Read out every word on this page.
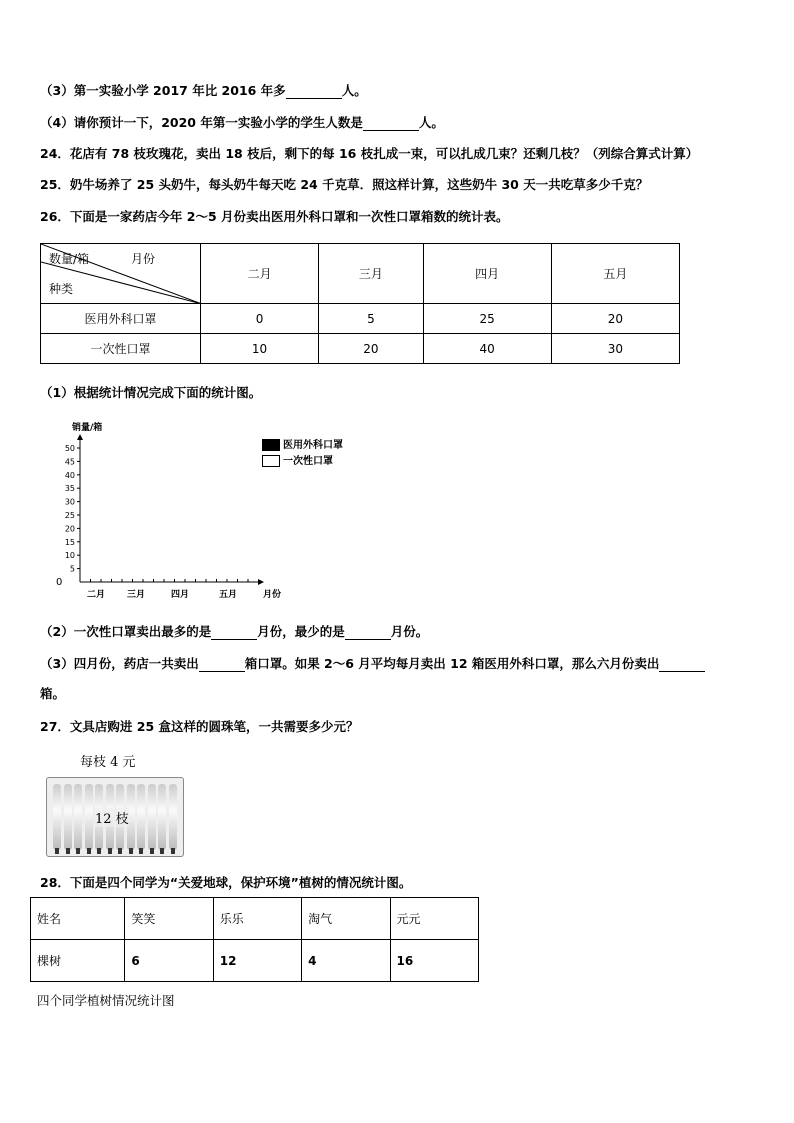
（3）第一实验小学 2017 年比 2016 年多	人。
（4）请你预计一下，2020 年第一实验小学的学生人数是	人。
24．花店有 78 枝玫瑰花，卖出 18 枝后，剩下的每 16 枝扎成一束，可以扎成几束？还剩几枝？（列综合算式计算）
25．奶牛场养了 25 头奶牛，每头奶牛每天吃 24 千克草．照这样计算，这些奶牛 30 天一共吃草多少千克？
26．下面是一家药店今年 2～5 月份卖出医用外科口罩和一次性口罩箱数的统计表。
数量/箱 月份
种类	二月	三月	四月	五月
医用外科口罩	0	5	25	20
一次性口罩	10	20	40	30
（1）根据统计情况完成下面的统计图。
0
5
10
15
20
25
30
35
40
45
50
二月 三月	四月	五月	月份
销量/箱
医用外科口罩
一次性口罩
（2）一次性口罩卖出最多的是	月份，最少的是	月份。
（3）四月份，药店一共卖出	箱口罩。如果 2～6 月平均每月卖出 12 箱医用外科口罩，那么六月份卖出
箱。
27．文具店购进 25 盒这样的圆珠笔，一共需要多少元？
每枝 4 元
12 枝
28．下面是四个同学为“关爱地球，保护环境”植树的情况统计图。
姓名	笑笑	乐乐	淘气	元元
棵树	6	12	4	16
四个同学植树情况统计图
